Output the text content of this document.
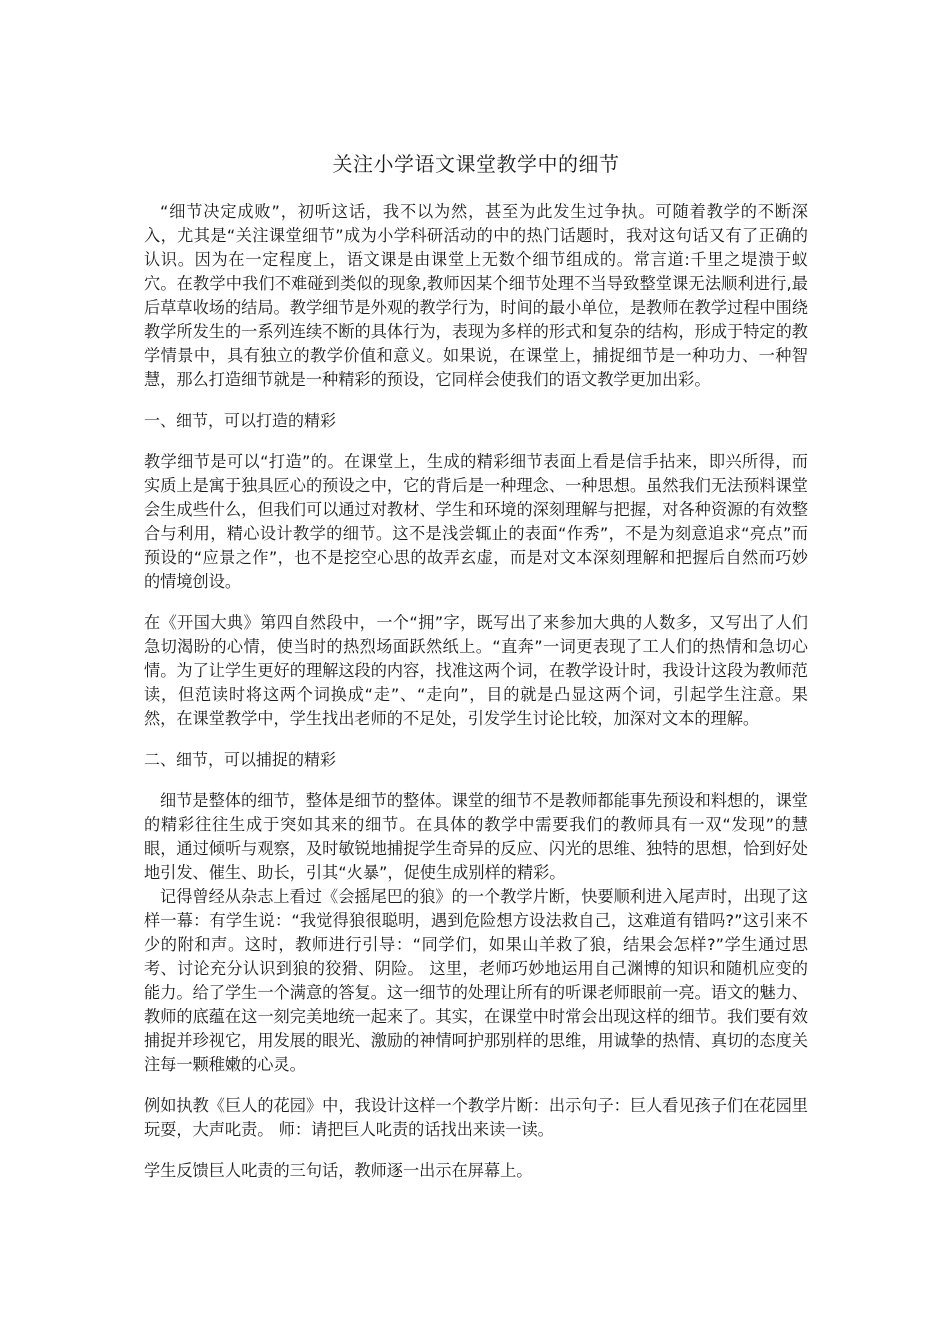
关注小学语文课堂教学中的细节

“细节决定成败”，初听这话，我不以为然，甚至为此发生过争执。可随着教学的不断深入，尤其是“关注课堂细节”成为小学科研活动的中的热门话题时，我对这句话又有了正确的认识。因为在一定程度上，语文课是由课堂上无数个细节组成的。常言道:千里之堤溃于蚁穴。在教学中我们不难碰到类似的现象,教师因某个细节处理不当导致整堂课无法顺利进行,最后草草收场的结局。教学细节是外观的教学行为，时间的最小单位，是教师在教学过程中围绕教学所发生的一系列连续不断的具体行为，表现为多样的形式和复杂的结构，形成于特定的教学情景中，具有独立的教学价值和意义。如果说，在课堂上，捕捉细节是一种功力、一种智慧，那么打造细节就是一种精彩的预设，它同样会使我们的语文教学更加出彩。

一、细节，可以打造的精彩

教学细节是可以“打造”的。在课堂上，生成的精彩细节表面上看是信手拈来，即兴所得，而实质上是寓于独具匠心的预设之中，它的背后是一种理念、一种思想。虽然我们无法预料课堂会生成些什么，但我们可以通过对教材、学生和环境的深刻理解与把握，对各种资源的有效整合与利用，精心设计教学的细节。这不是浅尝辄止的表面“作秀”，不是为刻意追求“亮点”而预设的“应景之作”，也不是挖空心思的故弄玄虚，而是对文本深刻理解和把握后自然而巧妙的情境创设。

在《开国大典》第四自然段中，一个“拥”字，既写出了来参加大典的人数多，又写出了人们急切渴盼的心情，使当时的热烈场面跃然纸上。“直奔”一词更表现了工人们的热情和急切心情。为了让学生更好的理解这段的内容，找准这两个词，在教学设计时，我设计这段为教师范读，但范读时将这两个词换成“走”、“走向”，目的就是凸显这两个词，引起学生注意。果然，在课堂教学中，学生找出老师的不足处，引发学生讨论比较，加深对文本的理解。

二、细节，可以捕捉的精彩

细节是整体的细节，整体是细节的整体。课堂的细节不是教师都能事先预设和料想的，课堂的精彩往往生成于突如其来的细节。在具体的教学中需要我们的教师具有一双“发现”的慧眼，通过倾听与观察，及时敏锐地捕捉学生奇异的反应、闪光的思维、独特的思想，恰到好处地引发、催生、助长，引其“火暴”，促使生成别样的精彩。

记得曾经从杂志上看过《会摇尾巴的狼》的一个教学片断，快要顺利进入尾声时，出现了这样一幕：有学生说：“我觉得狼很聪明，遇到危险想方设法救自己，这难道有错吗?”这引来不少的附和声。这时，教师进行引导：“同学们，如果山羊救了狼，结果会怎样?”学生通过思考、讨论充分认识到狼的狡猾、阴险。 这里，老师巧妙地运用自己渊博的知识和随机应变的能力。给了学生一个满意的答复。这一细节的处理让所有的听课老师眼前一亮。语文的魅力、教师的底蕴在这一刻完美地统一起来了。其实，在课堂中时常会出现这样的细节。我们要有效捕捉并珍视它，用发展的眼光、激励的神情呵护那别样的思维，用诚挚的热情、真切的态度关注每一颗稚嫩的心灵。

例如执教《巨人的花园》中，我设计这样一个教学片断：出示句子：巨人看见孩子们在花园里玩耍，大声叱责。 师：请把巨人叱责的话找出来读一读。

学生反馈巨人叱责的三句话，教师逐一出示在屏幕上。
